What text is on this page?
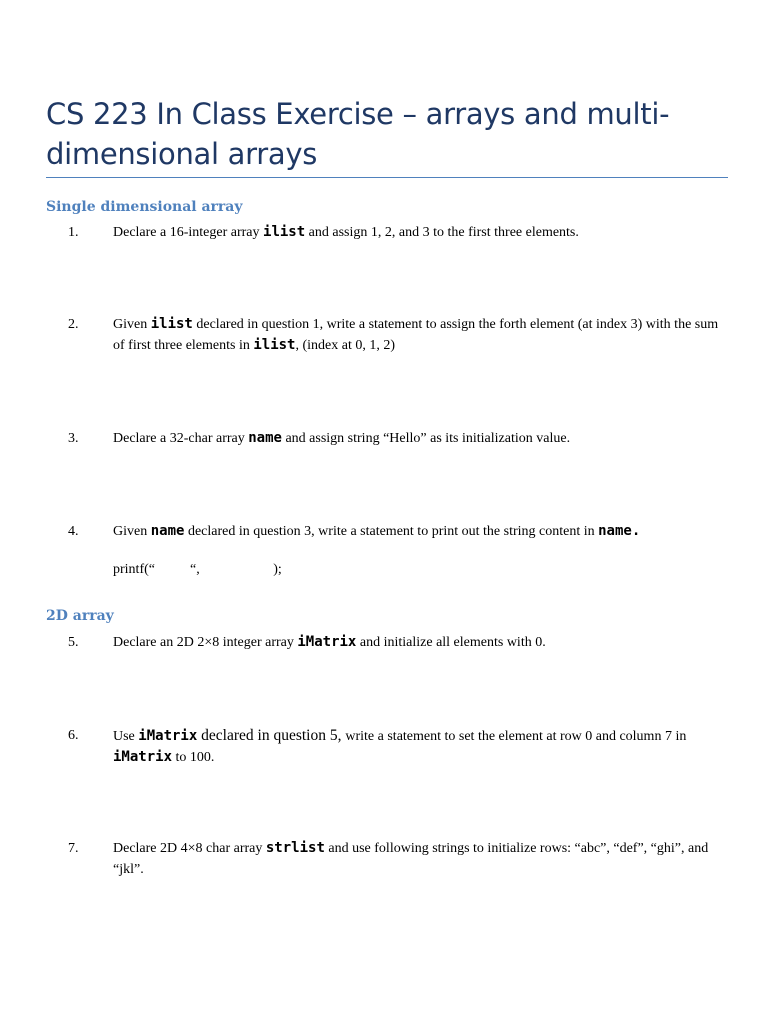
CS 223 In Class Exercise – arrays and multi-dimensional arrays
Single dimensional array
1. Declare a 16-integer array ilist and assign 1, 2, and 3 to the first three elements.
2. Given ilist declared in question 1, write a statement to assign the forth element (at index 3) with the sum of first three elements in ilist, (index at 0, 1, 2)
3. Declare a 32-char array name and assign string “Hello” as its initialization value.
4. Given name declared in question 3, write a statement to print out the string content in name.
printf(“          “,                     );
2D array
5. Declare an 2D 2×8 integer array iMatrix and initialize all elements with 0.
6. Use iMatrix declared in question 5, write a statement to set the element at row 0 and column 7 in iMatrix to 100.
7. Declare 2D 4×8 char array strlist and use following strings to initialize rows: “abc”, “def”, “ghi”, and “jkl”.
